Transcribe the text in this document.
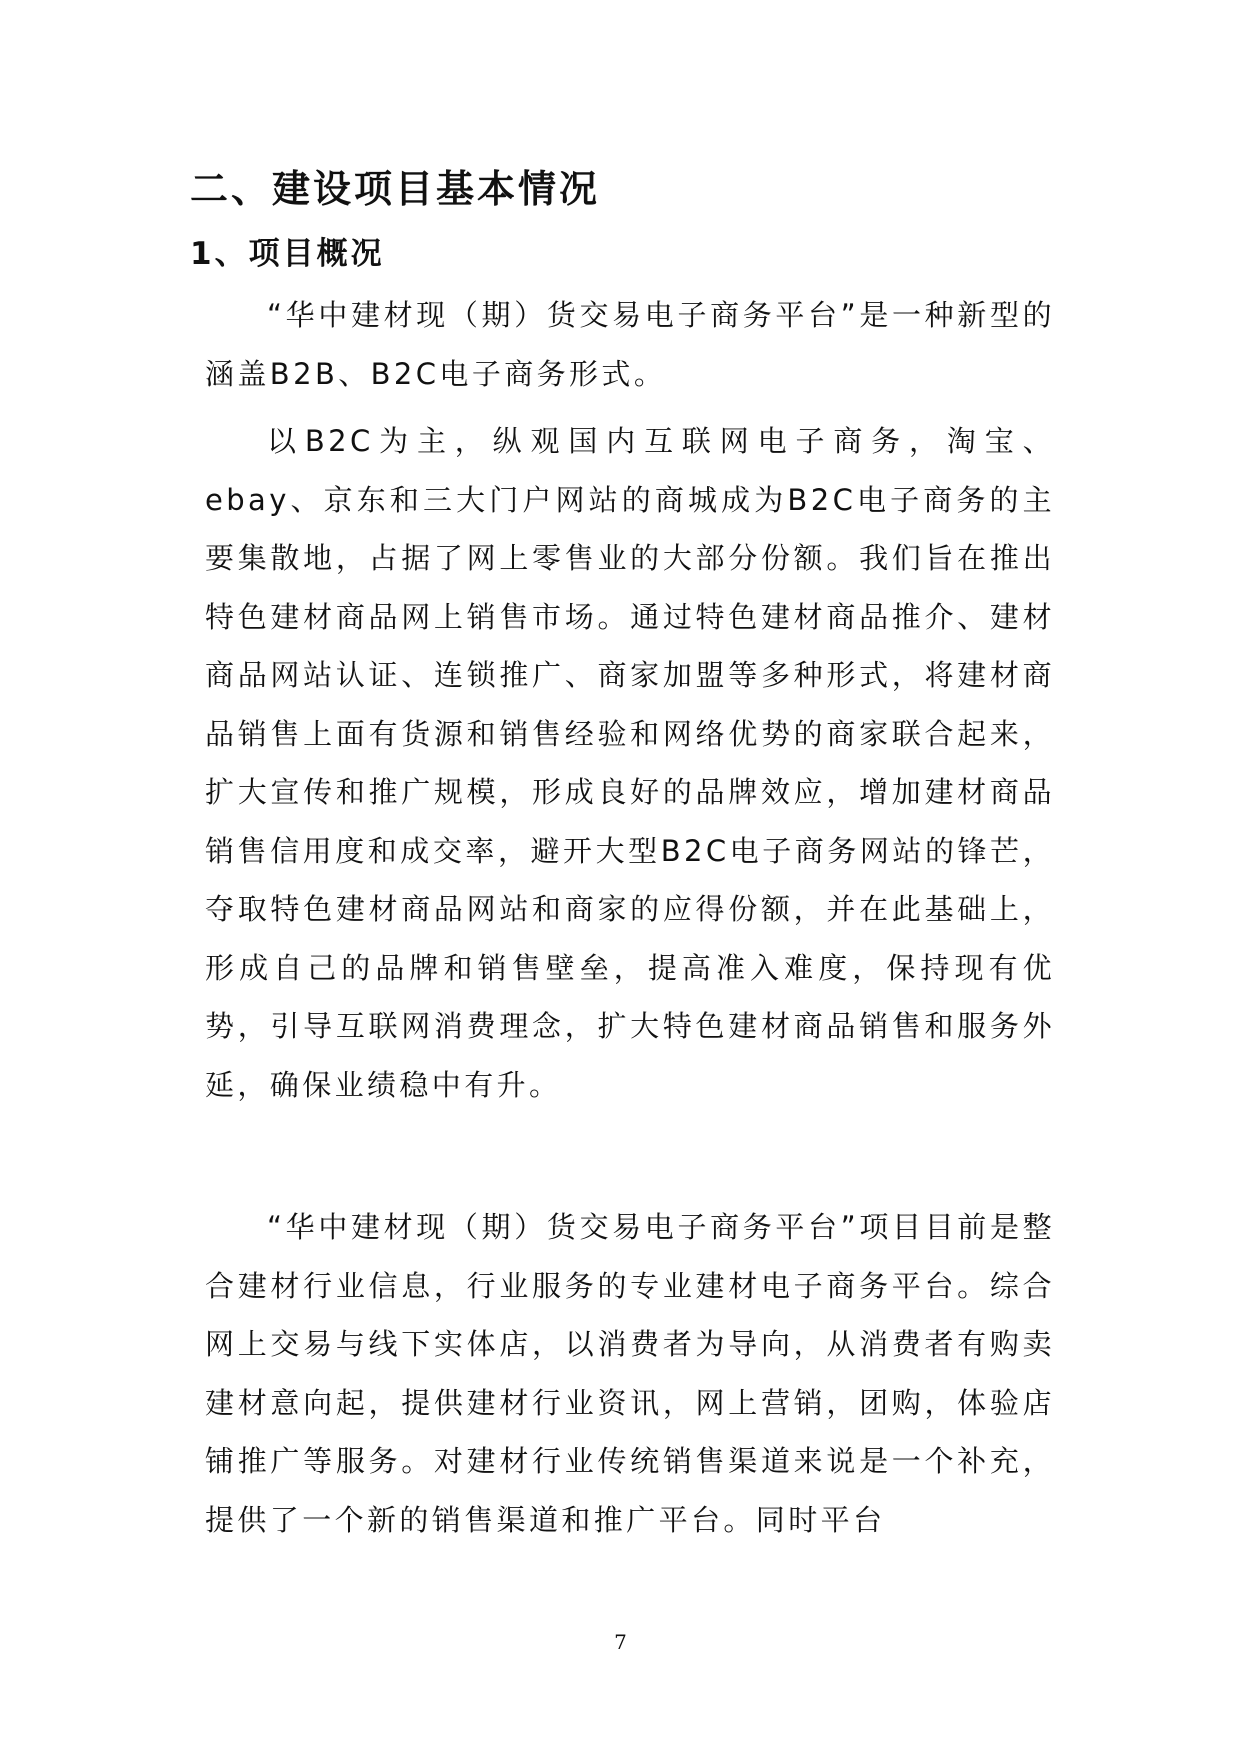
二、建设项目基本情况
1、项目概况

“华中建材现（期）货交易电子商务平台”是一种新型的涵盖B2B、B2C电子商务形式。

以B2C为主，纵观国内互联网电子商务，淘宝、ebay、京东和三大门户网站的商城成为B2C电子商务的主要集散地，占据了网上零售业的大部分份额。我们旨在推出特色建材商品网上销售市场。通过特色建材商品推介、建材商品网站认证、连锁推广、商家加盟等多种形式，将建材商品销售上面有货源和销售经验和网络优势的商家联合起来，扩大宣传和推广规模，形成良好的品牌效应，增加建材商品销售信用度和成交率，避开大型B2C电子商务网站的锋芒，夺取特色建材商品网站和商家的应得份额，并在此基础上，形成自己的品牌和销售壁垒，提高准入难度，保持现有优势，引导互联网消费理念，扩大特色建材商品销售和服务外延，确保业绩稳中有升。

“华中建材现（期）货交易电子商务平台”项目目前是整合建材行业信息，行业服务的专业建材电子商务平台。综合网上交易与线下实体店，以消费者为导向，从消费者有购卖建材意向起，提供建材行业资讯，网上营销，团购，体验店铺推广等服务。对建材行业传统销售渠道来说是一个补充，提供了一个新的销售渠道和推广平台。同时平台

7
